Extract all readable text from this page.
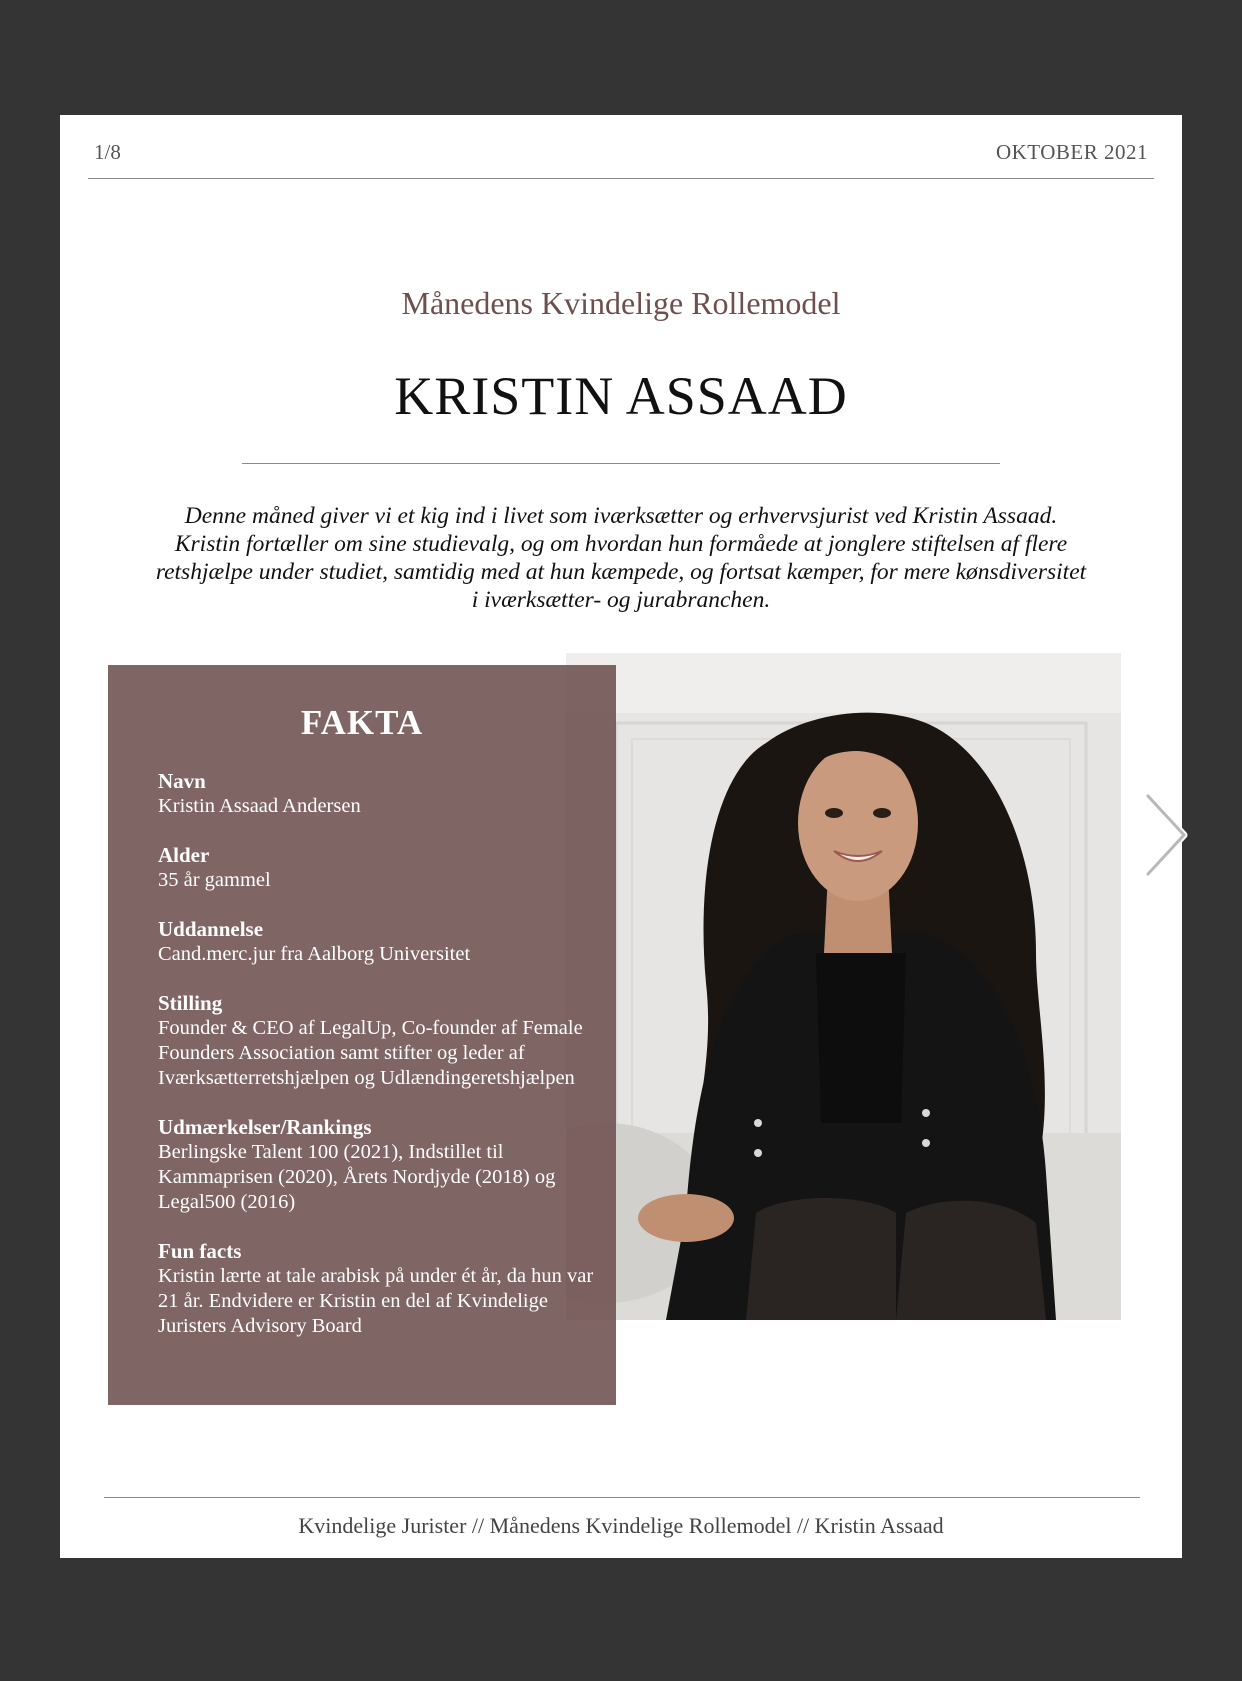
1/8	OKTOBER 2021
Månedens Kvindelige Rollemodel
KRISTIN ASSAAD
Denne måned giver vi et kig ind i livet som iværksætter og erhvervsjurist ved Kristin Assaad. Kristin fortæller om sine studievalg, og om hvordan hun formåede at jonglere stiftelsen af flere retshjælpe under studiet, samtidig med at hun kæmpede, og fortsat kæmper, for mere kønsdiversitet i iværksætter- og jurabranchen.
FAKTA
Navn
Kristin Assaad Andersen
Alder
35 år gammel
Uddannelse
Cand.merc.jur fra Aalborg Universitet
Stilling
Founder & CEO af LegalUp, Co-founder af Female Founders Association samt stifter og leder af Iværksætterretshjælpen og Udlændingeretshjælpen
Udmærkelser/Rankings
Berlingske Talent 100 (2021), Indstillet til Kammaprisen (2020), Årets Nordjyde (2018) og Legal500 (2016)
Fun facts
Kristin lærte at tale arabisk på under ét år, da hun var 21 år. Endvidere er Kristin en del af Kvindelige Juristers Advisory Board
Kvindelige Jurister // Månedens Kvindelige Rollemodel // Kristin Assaad
